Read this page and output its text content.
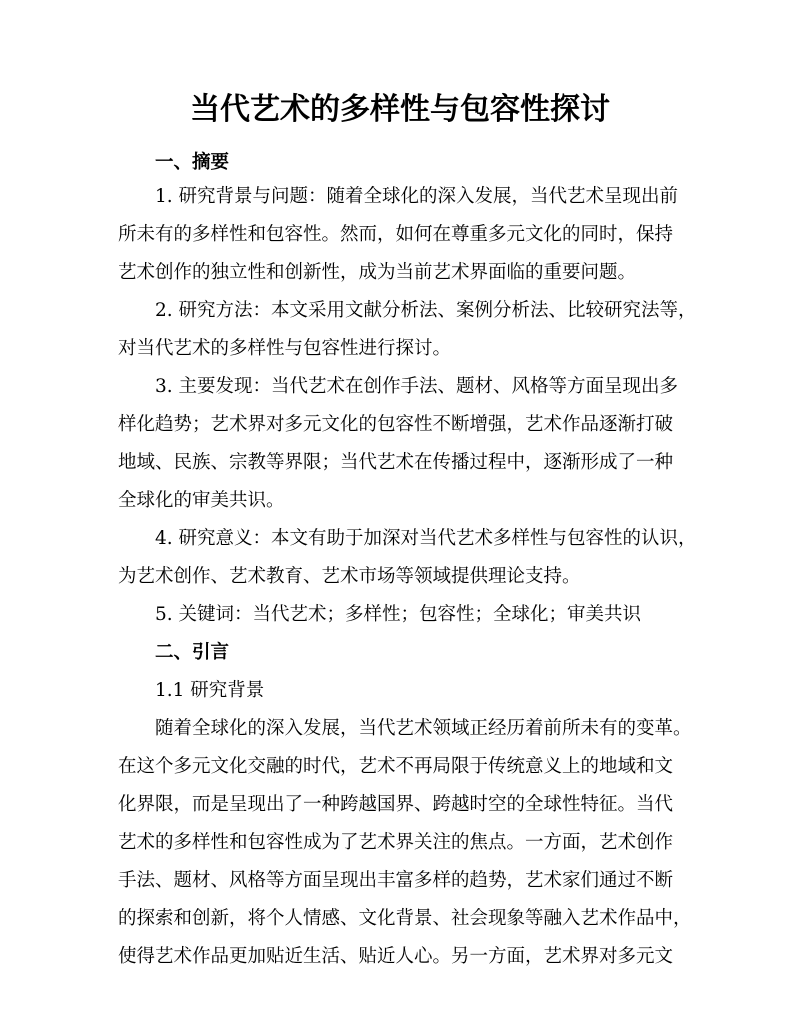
当代艺术的多样性与包容性探讨

一、摘要

1. 研究背景与问题：随着全球化的深入发展，当代艺术呈现出前

所未有的多样性和包容性。然而，如何在尊重多元文化的同时，保持

艺术创作的独立性和创新性，成为当前艺术界面临的重要问题。

2. 研究方法：本文采用文献分析法、案例分析法、比较研究法等，

对当代艺术的多样性与包容性进行探讨。

3. 主要发现：当代艺术在创作手法、题材、风格等方面呈现出多

样化趋势；艺术界对多元文化的包容性不断增强，艺术作品逐渐打破

地域、民族、宗教等界限；当代艺术在传播过程中，逐渐形成了一种

全球化的审美共识。

4. 研究意义：本文有助于加深对当代艺术多样性与包容性的认识，

为艺术创作、艺术教育、艺术市场等领域提供理论支持。

5. 关键词：当代艺术；多样性；包容性；全球化；审美共识

二、引言

1.1 研究背景

随着全球化的深入发展，当代艺术领域正经历着前所未有的变革。

在这个多元文化交融的时代，艺术不再局限于传统意义上的地域和文

化界限，而是呈现出了一种跨越国界、跨越时空的全球性特征。当代

艺术的多样性和包容性成为了艺术界关注的焦点。一方面，艺术创作

手法、题材、风格等方面呈现出丰富多样的趋势，艺术家们通过不断

的探索和创新，将个人情感、文化背景、社会现象等融入艺术作品中，

使得艺术作品更加贴近生活、贴近人心。另一方面，艺术界对多元文
